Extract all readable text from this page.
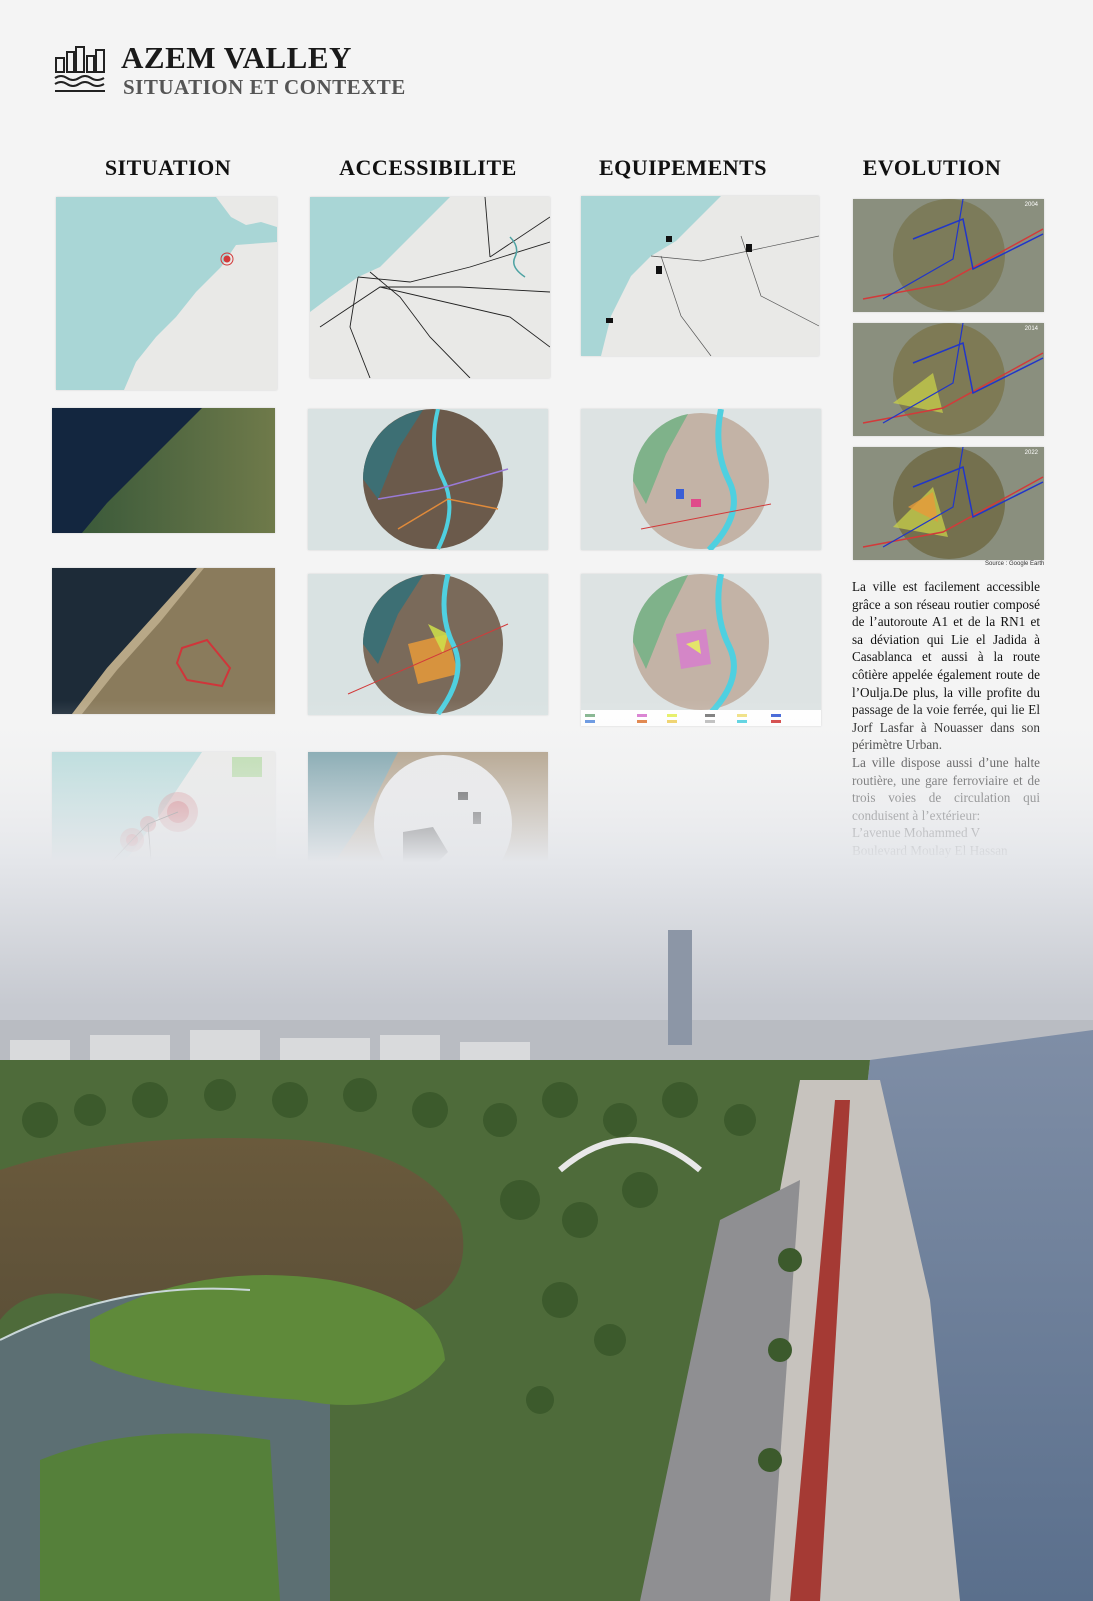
AZEM VALLEY
SITUATION ET CONTEXTE
SITUATION	ACCESSIBILITE	EQUIPEMENTS	EVOLUTION
2004
2014
2022
Source : Google Earth

La ville est facilement accessible grâce a son réseau routier composé de l’autoroute A1 et de la RN1 et sa déviation qui Lie el Jadida à Casablanca et aussi à la route côtière appelée également route de l’Oulja.De plus, la ville profite du
